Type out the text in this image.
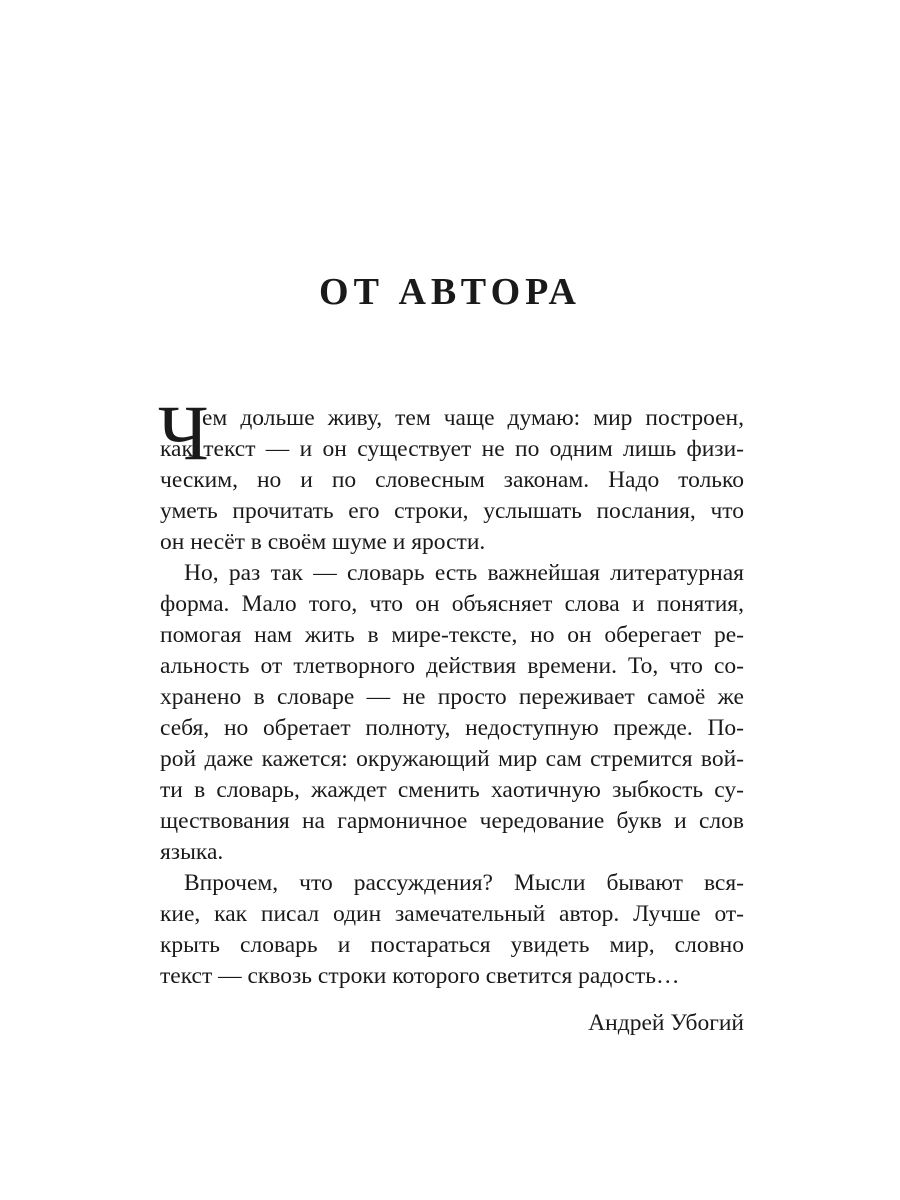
ОТ АВТОРА
Ч
ем дольше живу, тем чаще думаю: мир построен,
как текст — и он существует не по одним лишь физи-
ческим, но и по словесным законам. Надо только
уметь прочитать его строки, услышать послания, что
он несёт в своём шуме и ярости.
Но, раз так — словарь есть важнейшая литературная
форма. Мало того, что он объясняет слова и понятия,
помогая нам жить в мире-тексте, но он оберегает ре-
альность от тлетворного действия времени. То, что со-
хранено в словаре — не просто переживает самоё же
себя, но обретает полноту, недоступную прежде. По-
рой даже кажется: окружающий мир сам стремится вой-
ти в словарь, жаждет сменить хаотичную зыбкость су-
ществования на гармоничное чередование букв и слов
языка.
Впрочем, что рассуждения? Мысли бывают вся-
кие, как писал один замечательный автор. Лучше от-
крыть словарь и постараться увидеть мир, словно
текст — сквозь строки которого светится радость…
Андрей Убогий
